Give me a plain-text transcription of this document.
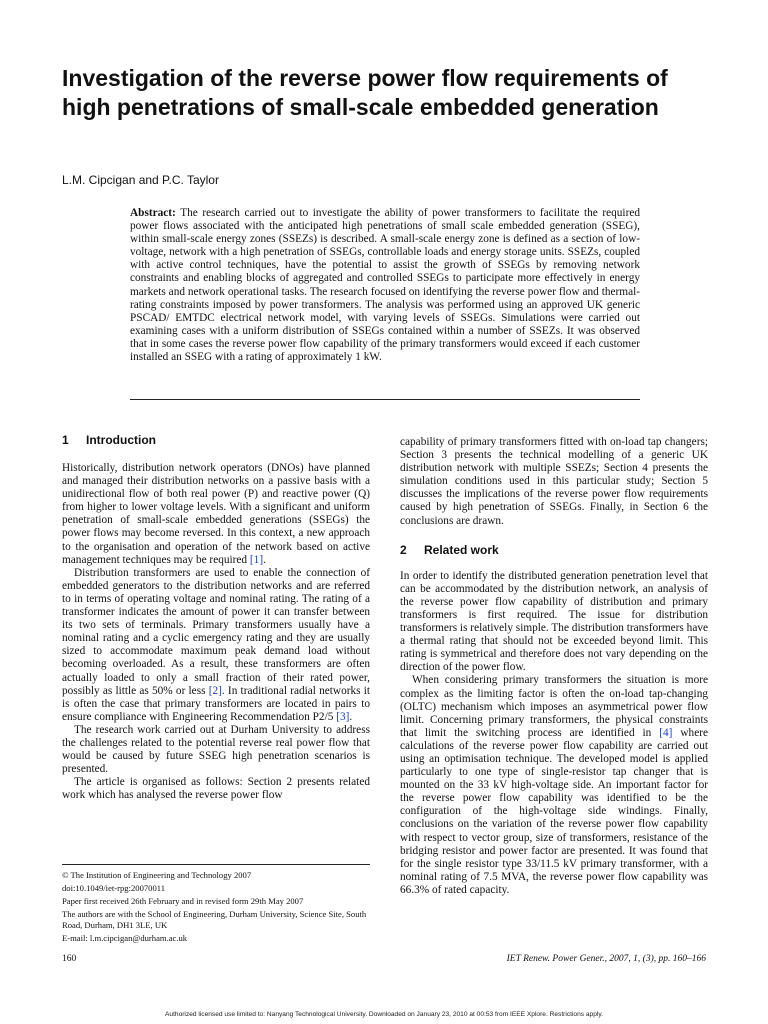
Investigation of the reverse power flow requirements of high penetrations of small-scale embedded generation
L.M. Cipcigan and P.C. Taylor

Abstract: The research carried out to investigate the ability of power transformers to facilitate the required power flows associated with the anticipated high penetrations of small scale embedded generation (SSEG), within small-scale energy zones (SSEZs) is described. A small-scale energy zone is defined as a section of low-voltage, network with a high penetration of SSEGs, controllable loads and energy storage units. SSEZs, coupled with active control techniques, have the potential to assist the growth of SSEGs by removing network constraints and enabling blocks of aggregated and controlled SSEGs to participate more effectively in energy markets and network operational tasks. The research focused on identifying the reverse power flow and thermal-rating constraints imposed by power transformers. The analysis was performed using an approved UK generic PSCAD/ EMTDC electrical network model, with varying levels of SSEGs. Simulations were carried out examining cases with a uniform distribution of SSEGs contained within a number of SSEZs. It was observed that in some cases the reverse power flow capability of the primary transformers would exceed if each customer installed an SSEG with a rating of approximately 1 kW.

1 Introduction

Historically, distribution network operators (DNOs) have planned and managed their distribution networks on a passive basis with a unidirectional flow of both real power (P) and reactive power (Q) from higher to lower voltage levels. With a significant and uniform penetration of small-scale embedded generations (SSEGs) the power flows may become reversed. In this context, a new approach to the organisation and operation of the network based on active management techniques may be required [1].

Distribution transformers are used to enable the connection of embedded generators to the distribution networks and are referred to in terms of operating voltage and nominal rating. The rating of a transformer indicates the amount of power it can transfer between its two sets of terminals. Primary transformers usually have a nominal rating and a cyclic emergency rating and they are usually sized to accommodate maximum peak demand load without becoming overloaded. As a result, these transformers are often actually loaded to only a small fraction of their rated power, possibly as little as 50% or less [2]. In traditional radial networks it is often the case that primary transformers are located in pairs to ensure compliance with Engineering Recommendation P2/5 [3].

The research work carried out at Durham University to address the challenges related to the potential reverse real power flow that would be caused by future SSEG high penetration scenarios is presented.

The article is organised as follows: Section 2 presents related work which has analysed the reverse power flow

capability of primary transformers fitted with on-load tap changers; Section 3 presents the technical modelling of a generic UK distribution network with multiple SSEZs; Section 4 presents the simulation conditions used in this particular study; Section 5 discusses the implications of the reverse power flow requirements caused by high penetration of SSEGs. Finally, in Section 6 the conclusions are drawn.

2 Related work

In order to identify the distributed generation penetration level that can be accommodated by the distribution network, an analysis of the reverse power flow capability of distribution and primary transformers is first required. The issue for distribution transformers is relatively simple. The distribution transformers have a thermal rating that should not be exceeded beyond limit. This rating is symmetrical and therefore does not vary depending on the direction of the power flow.

When considering primary transformers the situation is more complex as the limiting factor is often the on-load tap-changing (OLTC) mechanism which imposes an asymmetrical power flow limit. Concerning primary transformers, the physical constraints that limit the switching process are identified in [4] where calculations of the reverse power flow capability are carried out using an optimisation technique. The developed model is applied particularly to one type of single-resistor tap changer that is mounted on the 33 kV high-voltage side. An important factor for the reverse power flow capability was identified to be the configuration of the high-voltage side windings. Finally, conclusions on the variation of the reverse power flow capability with respect to vector group, size of transformers, resistance of the bridging resistor and power factor are presented. It was found that for the single resistor type 33/11.5 kV primary transformer, with a nominal rating of 7.5 MVA, the reverse power flow capability was 66.3% of rated capacity.

© The Institution of Engineering and Technology 2007
doi:10.1049/iet-rpg:20070011
Paper first received 26th February and in revised form 29th May 2007
The authors are with the School of Engineering, Durham University, Science Site, South Road, Durham, DH1 3LE, UK
E-mail: l.m.cipcigan@durham.ac.uk
160	IET Renew. Power Gener., 2007, 1, (3), pp. 160–166
Authorized licensed use limited to: Nanyang Technological University. Downloaded on January 23, 2010 at 00:53 from IEEE Xplore. Restrictions apply.
